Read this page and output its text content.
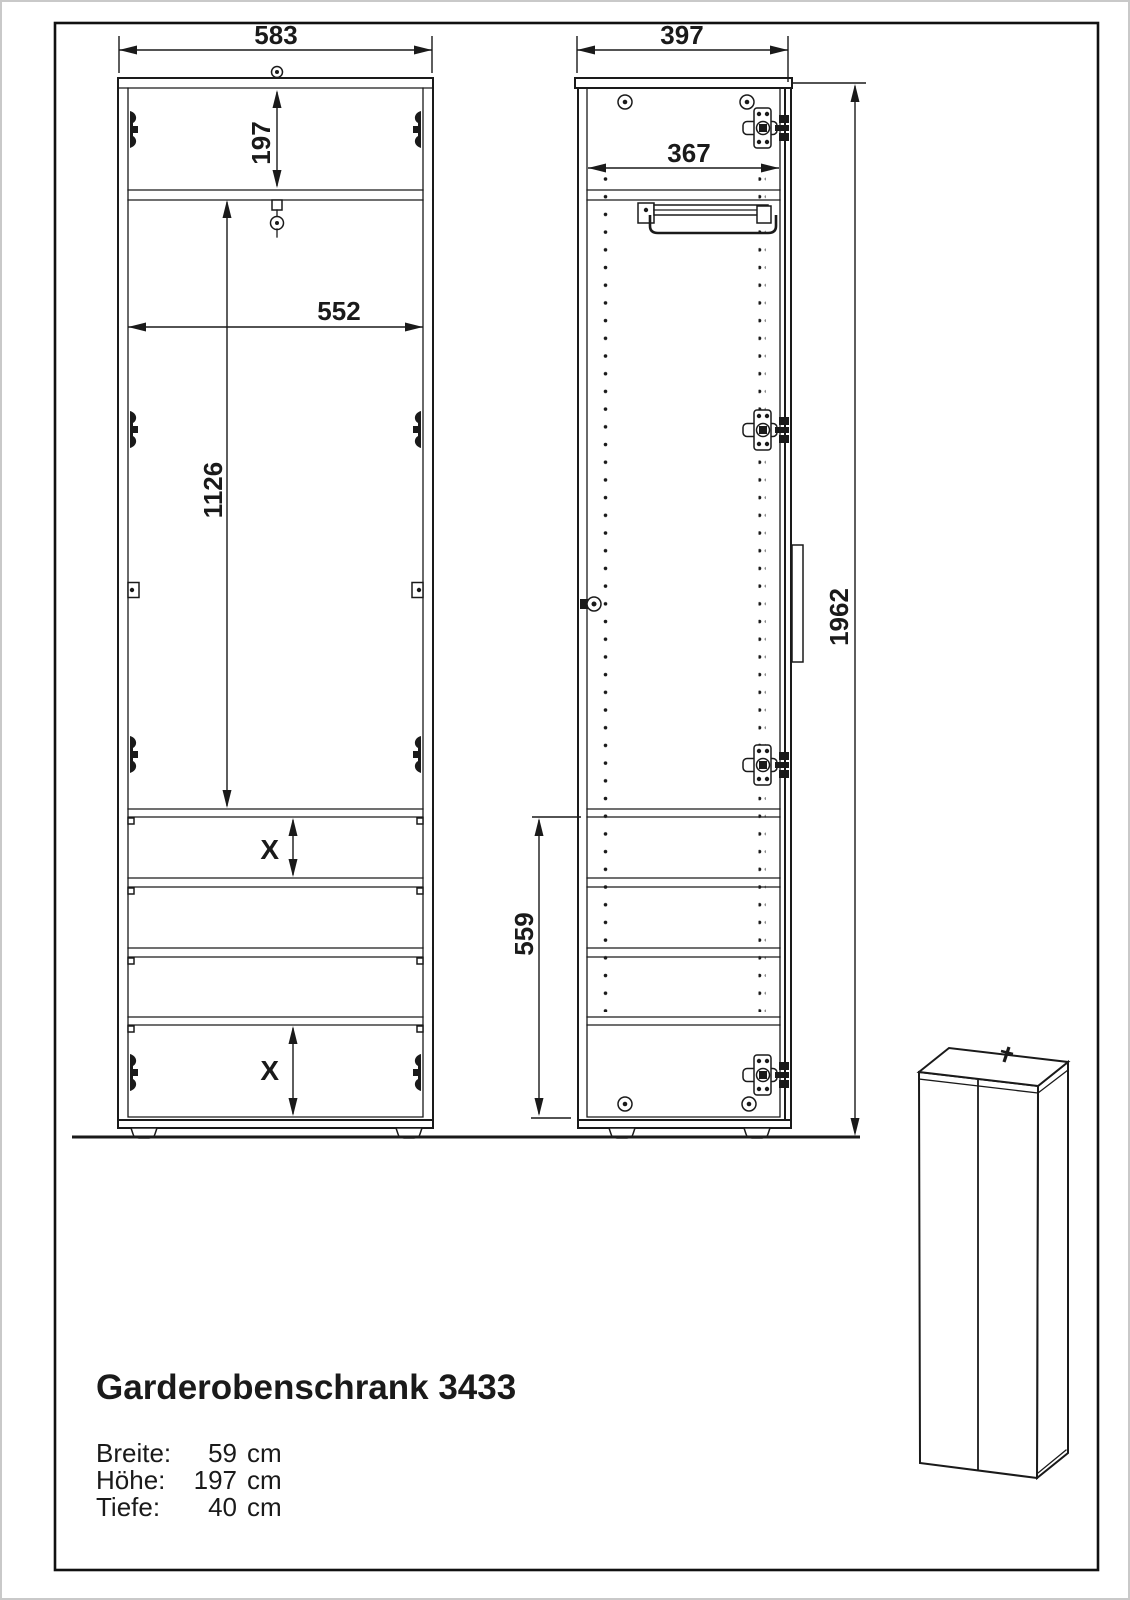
583
197
552
1126
X
X
397
367
559
1962
Garderobenschrank 3433
Breite: 59 cm
Höhe: 197 cm
Tiefe: 40 cm
